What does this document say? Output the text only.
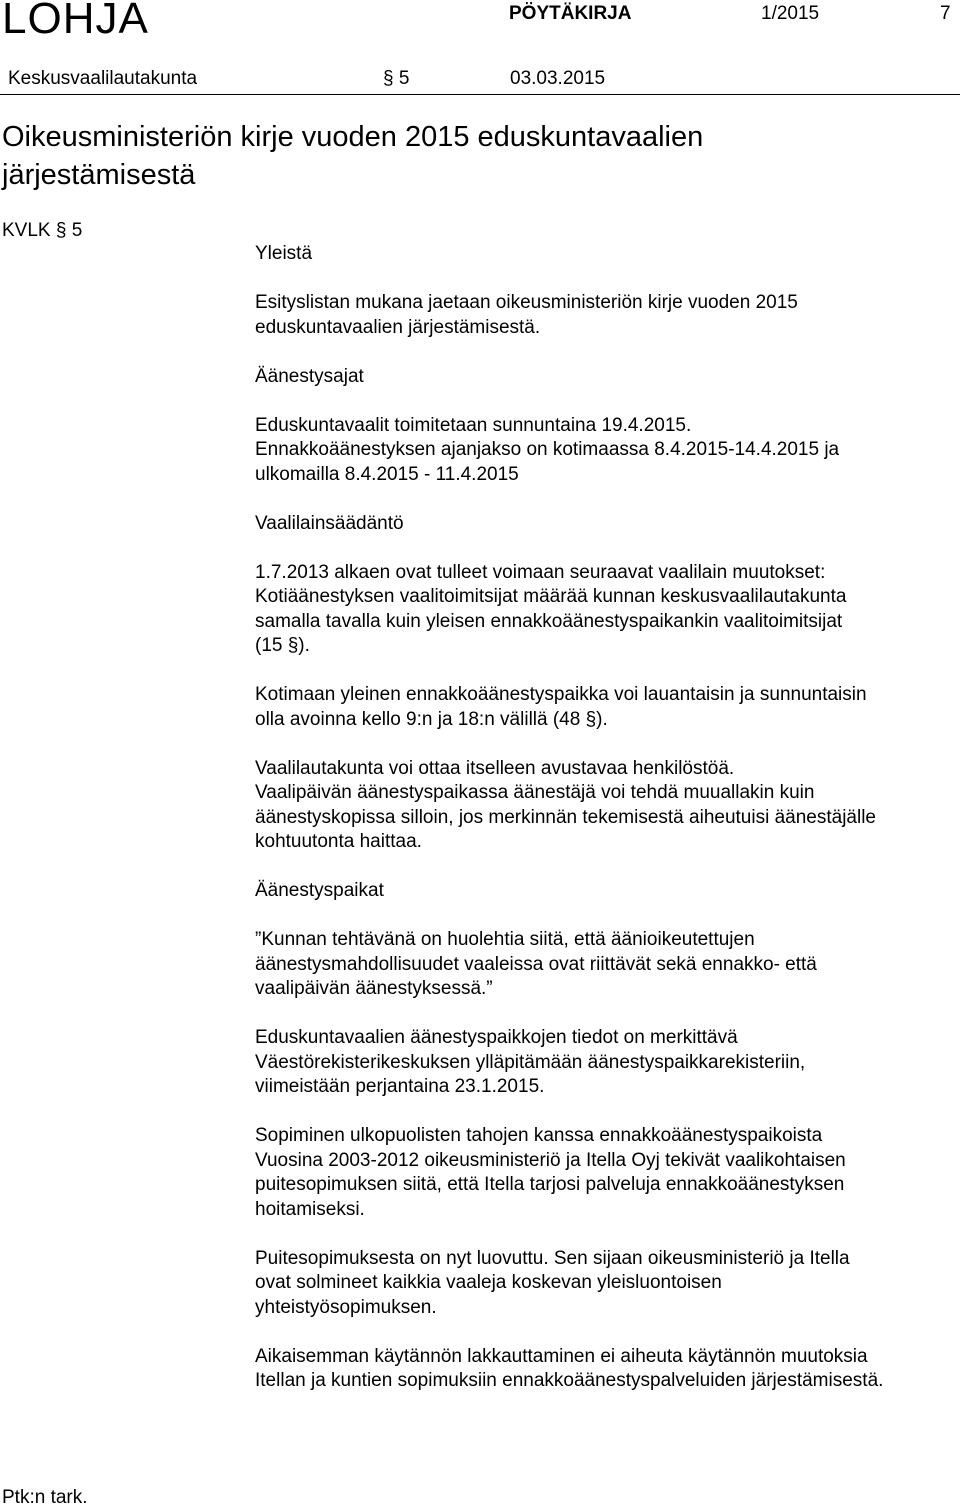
LOHJA	PÖYTÄKIRJA	1/2015	7
Keskusvaalilautakunta	§ 5	03.03.2015
Oikeusministeriön kirje vuoden 2015 eduskuntavaalien
järjestämisestä
KVLK § 5
Yleistä

Esityslistan mukana jaetaan oikeusministeriön kirje vuoden 2015
eduskuntavaalien järjestämisestä.

Äänestysajat

Eduskuntavaalit toimitetaan sunnuntaina 19.4.2015.
Ennakkoäänestyksen ajanjakso on kotimaassa 8.4.2015-14.4.2015 ja
ulkomailla 8.4.2015 - 11.4.2015

Vaalilainsäädäntö

1.7.2013 alkaen ovat tulleet voimaan seuraavat vaalilain muutokset:
Kotiäänestyksen vaalitoimitsijat määrää kunnan keskusvaalilautakunta
samalla tavalla kuin yleisen ennakkoäänestyspaikankin vaalitoimitsijat
(15 §).

Kotimaan yleinen ennakkoäänestyspaikka voi lauantaisin ja sunnuntaisin
olla avoinna kello 9:n ja 18:n välillä (48 §).

Vaalilautakunta voi ottaa itselleen avustavaa henkilöstöä.
Vaalipäivän äänestyspaikassa äänestäjä voi tehdä muuallakin kuin
äänestyskopissa silloin, jos merkinnän tekemisestä aiheutuisi äänestäjälle
kohtuutonta haittaa.

Äänestyspaikat

”Kunnan tehtävänä on huolehtia siitä, että äänioikeutettujen
äänestysmahdollisuudet vaaleissa ovat riittävät sekä ennakko- että
vaalipäivän äänestyksessä.”

Eduskuntavaalien äänestyspaikkojen tiedot on merkittävä
Väestörekisterikeskuksen ylläpitämään äänestyspaikkarekisteriin,
viimeistään perjantaina 23.1.2015.

Sopiminen ulkopuolisten tahojen kanssa ennakkoäänestyspaikoista
Vuosina 2003-2012 oikeusministeriö ja Itella Oyj tekivät vaalikohtaisen
puitesopimuksen siitä, että Itella tarjosi palveluja ennakkoäänestyksen
hoitamiseksi.

Puitesopimuksesta on nyt luovuttu. Sen sijaan oikeusministeriö ja Itella
ovat solmineet kaikkia vaaleja koskevan yleisluontoisen
yhteistyösopimuksen.

Aikaisemman käytännön lakkauttaminen ei aiheuta käytännön muutoksia
Itellan ja kuntien sopimuksiin ennakkoäänestyspalveluiden järjestämisestä.

Ptk:n tark.
